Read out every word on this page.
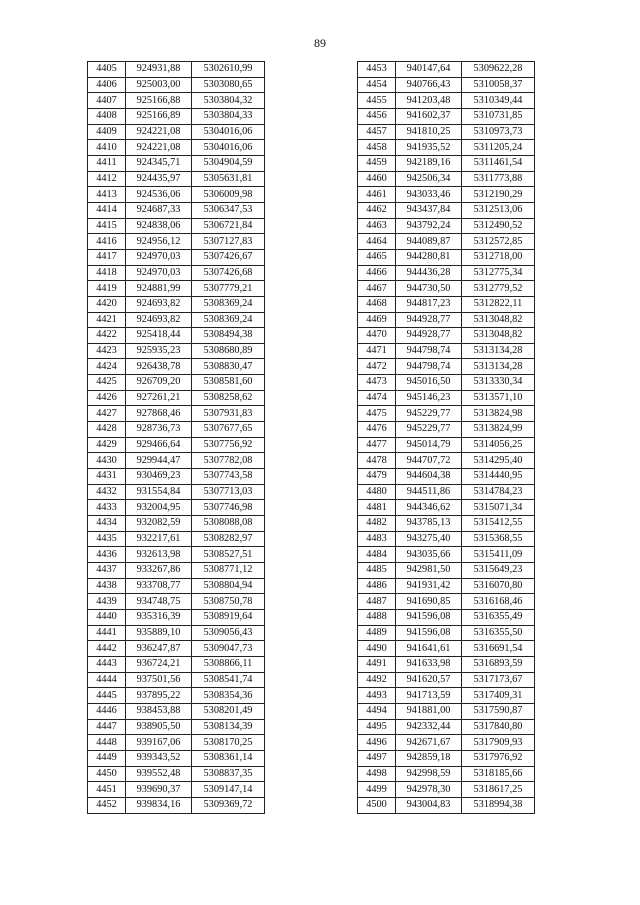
89
4405	924931,88	5302610,99
4406	925003,00	5303080,65
4407	925166,88	5303804,32
4408	925166,89	5303804,33
4409	924221,08	5304016,06
4410	924221,08	5304016,06
4411	924345,71	5304904,59
4412	924435,97	5305631,81
4413	924536,06	5306009,98
4414	924687,33	5306347,53
4415	924838,06	5306721,84
4416	924956,12	5307127,83
4417	924970,03	5307426,67
4418	924970,03	5307426,68
4419	924881,99	5307779,21
4420	924693,82	5308369,24
4421	924693,82	5308369,24
4422	925418,44	5308494,38
4423	925935,23	5308680,89
4424	926438,78	5308830,47
4425	926709,20	5308581,60
4426	927261,21	5308258,62
4427	927868,46	5307931,83
4428	928736,73	5307677,65
4429	929466,64	5307756,92
4430	929944,47	5307782,08
4431	930469,23	5307743,58
4432	931554,84	5307713,03
4433	932004,95	5307746,98
4434	932082,59	5308088,08
4435	932217,61	5308282,97
4436	932613,98	5308527,51
4437	933267,86	5308771,12
4438	933708,77	5308804,94
4439	934748,75	5308750,78
4440	935316,39	5308919,64
4441	935889,10	5309056,43
4442	936247,87	5309047,73
4443	936724,21	5308866,11
4444	937501,56	5308541,74
4445	937895,22	5308354,36
4446	938453,88	5308201,49
4447	938905,50	5308134,39
4448	939167,06	5308170,25
4449	939343,52	5308361,14
4450	939552,48	5308837,35
4451	939690,37	5309147,14
4452	939834,16	5309369,72
4453	940147,64	5309622,28
4454	940766,43	5310058,37
4455	941203,48	5310349,44
4456	941602,37	5310731,85
4457	941810,25	5310973,73
4458	941935,52	5311205,24
4459	942189,16	5311461,54
4460	942506,34	5311773,88
4461	943033,46	5312190,29
4462	943437,84	5312513,06
4463	943792,24	5312490,52
4464	944089,87	5312572,85
4465	944280,81	5312718,00
4466	944436,28	5312775,34
4467	944730,50	5312779,52
4468	944817,23	5312822,11
4469	944928,77	5313048,82
4470	944928,77	5313048,82
4471	944798,74	5313134,28
4472	944798,74	5313134,28
4473	945016,50	5313330,34
4474	945146,23	5313571,10
4475	945229,77	5313824,98
4476	945229,77	5313824,99
4477	945014,79	5314056,25
4478	944707,72	5314295,40
4479	944604,38	5314440,95
4480	944511,86	5314784,23
4481	944346,62	5315071,34
4482	943785,13	5315412,55
4483	943275,40	5315368,55
4484	943035,66	5315411,09
4485	942981,50	5315649,23
4486	941931,42	5316070,80
4487	941690,85	5316168,46
4488	941596,08	5316355,49
4489	941596,08	5316355,50
4490	941641,61	5316691,54
4491	941633,98	5316893,59
4492	941620,57	5317173,67
4493	941713,59	5317409,31
4494	941881,00	5317590,87
4495	942332,44	5317840,80
4496	942671,67	5317909,93
4497	942859,18	5317976,92
4498	942998,59	5318185,66
4499	942978,30	5318617,25
4500	943004,83	5318994,38
